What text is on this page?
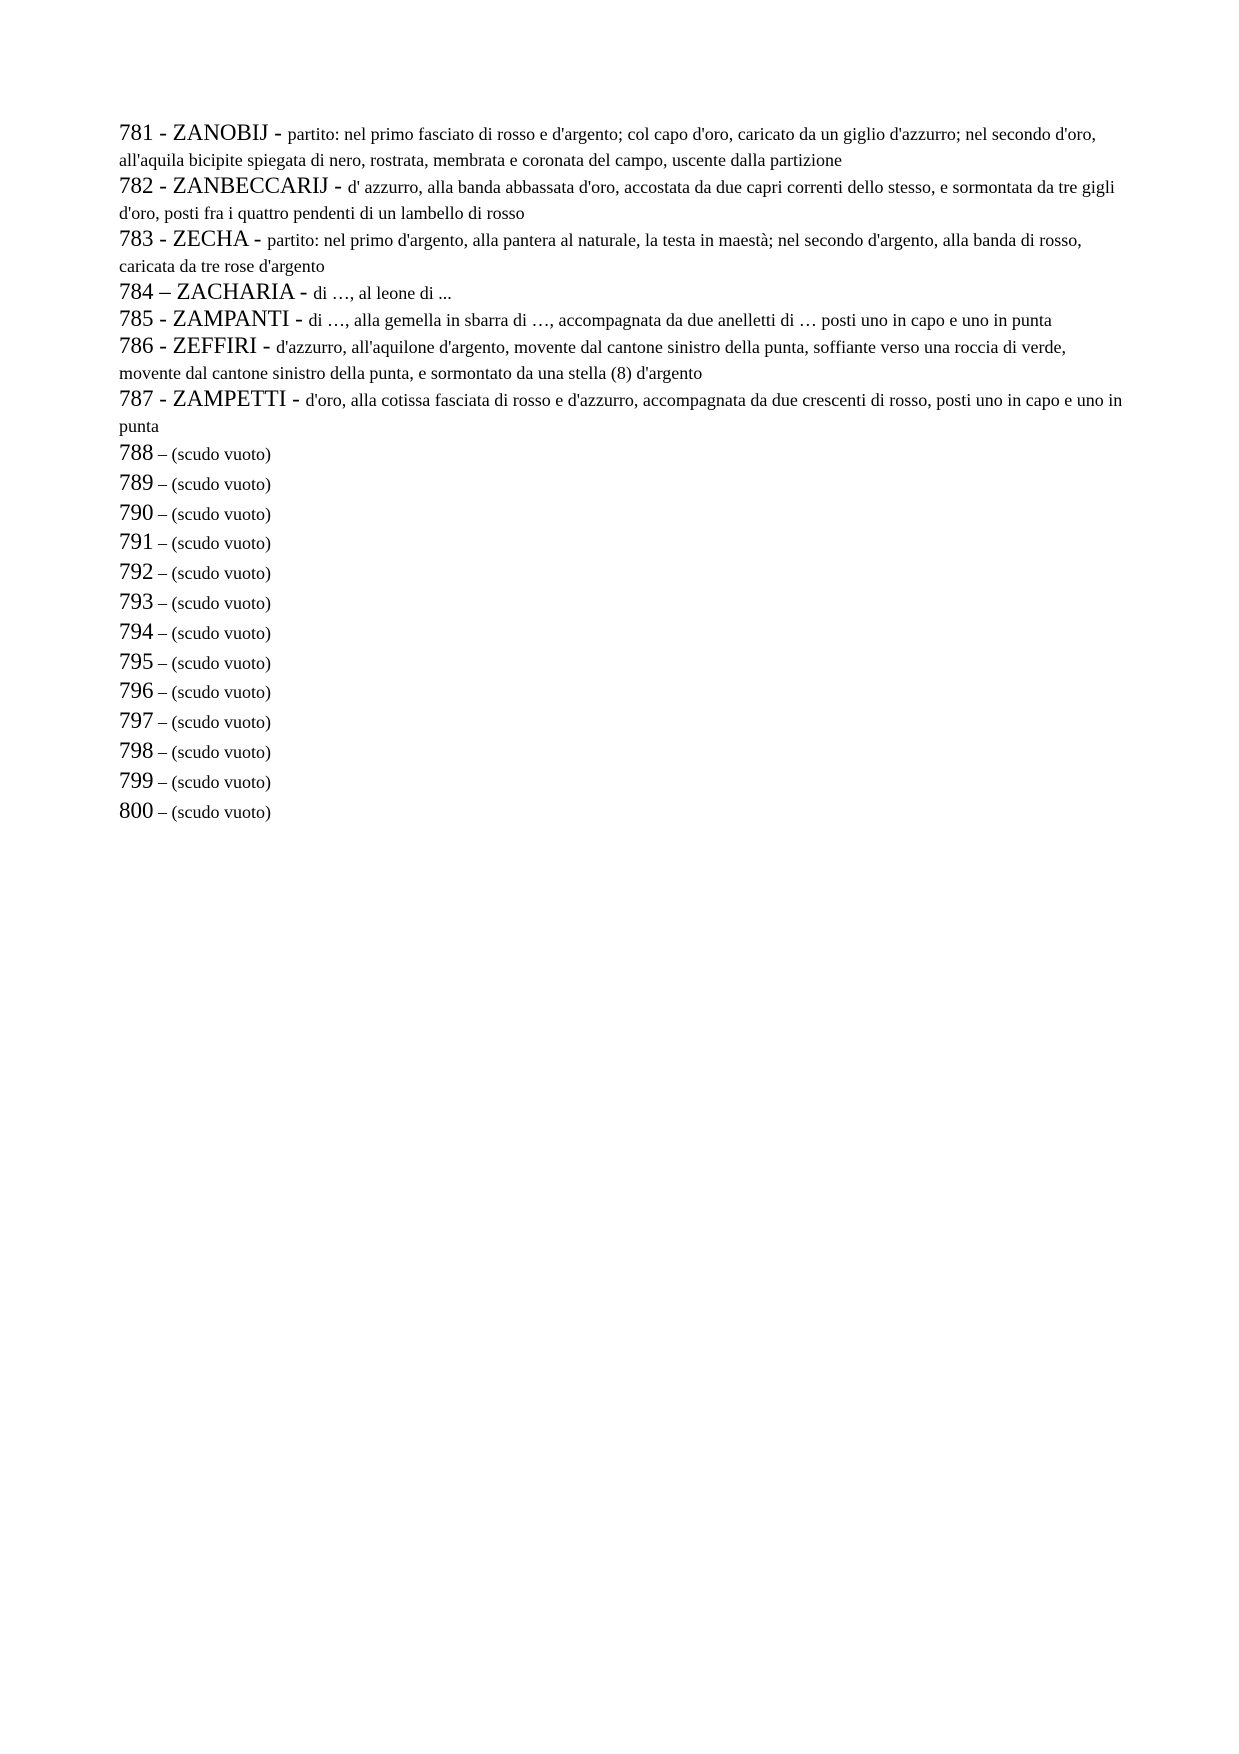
781 - ZANOBIJ - partito: nel primo fasciato di rosso e d'argento; col capo d'oro, caricato da un giglio d'azzurro; nel secondo d'oro, all'aquila bicipite spiegata di nero, rostrata, membrata e coronata del campo, uscente dalla partizione

782 - ZANBECCARIJ - d' azzurro, alla banda abbassata d'oro, accostata da due capri correnti dello stesso, e sormontata da tre gigli d'oro, posti fra i quattro pendenti di un lambello di rosso

783 - ZECHA - partito: nel primo d'argento, alla pantera al naturale, la testa in maestà; nel secondo d'argento, alla banda di rosso, caricata da tre rose d'argento

784 – ZACHARIA - di …, al leone di ...

785 - ZAMPANTI - di …, alla gemella in sbarra di …, accompagnata da due anelletti di … posti uno in capo e uno in punta

786 - ZEFFIRI - d'azzurro, all'aquilone d'argento, movente dal cantone sinistro della punta, soffiante verso una roccia di verde, movente dal cantone sinistro della punta, e sormontato da una stella (8) d'argento

787 - ZAMPETTI - d'oro, alla cotissa fasciata di rosso e d'azzurro, accompagnata da due crescenti di rosso, posti uno in capo e uno in punta

788 – (scudo vuoto)

789 – (scudo vuoto)

790 – (scudo vuoto)

791 – (scudo vuoto)

792 – (scudo vuoto)

793 – (scudo vuoto)

794 – (scudo vuoto)

795 – (scudo vuoto)

796 – (scudo vuoto)

797 – (scudo vuoto)

798 – (scudo vuoto)

799 – (scudo vuoto)

800 – (scudo vuoto)
